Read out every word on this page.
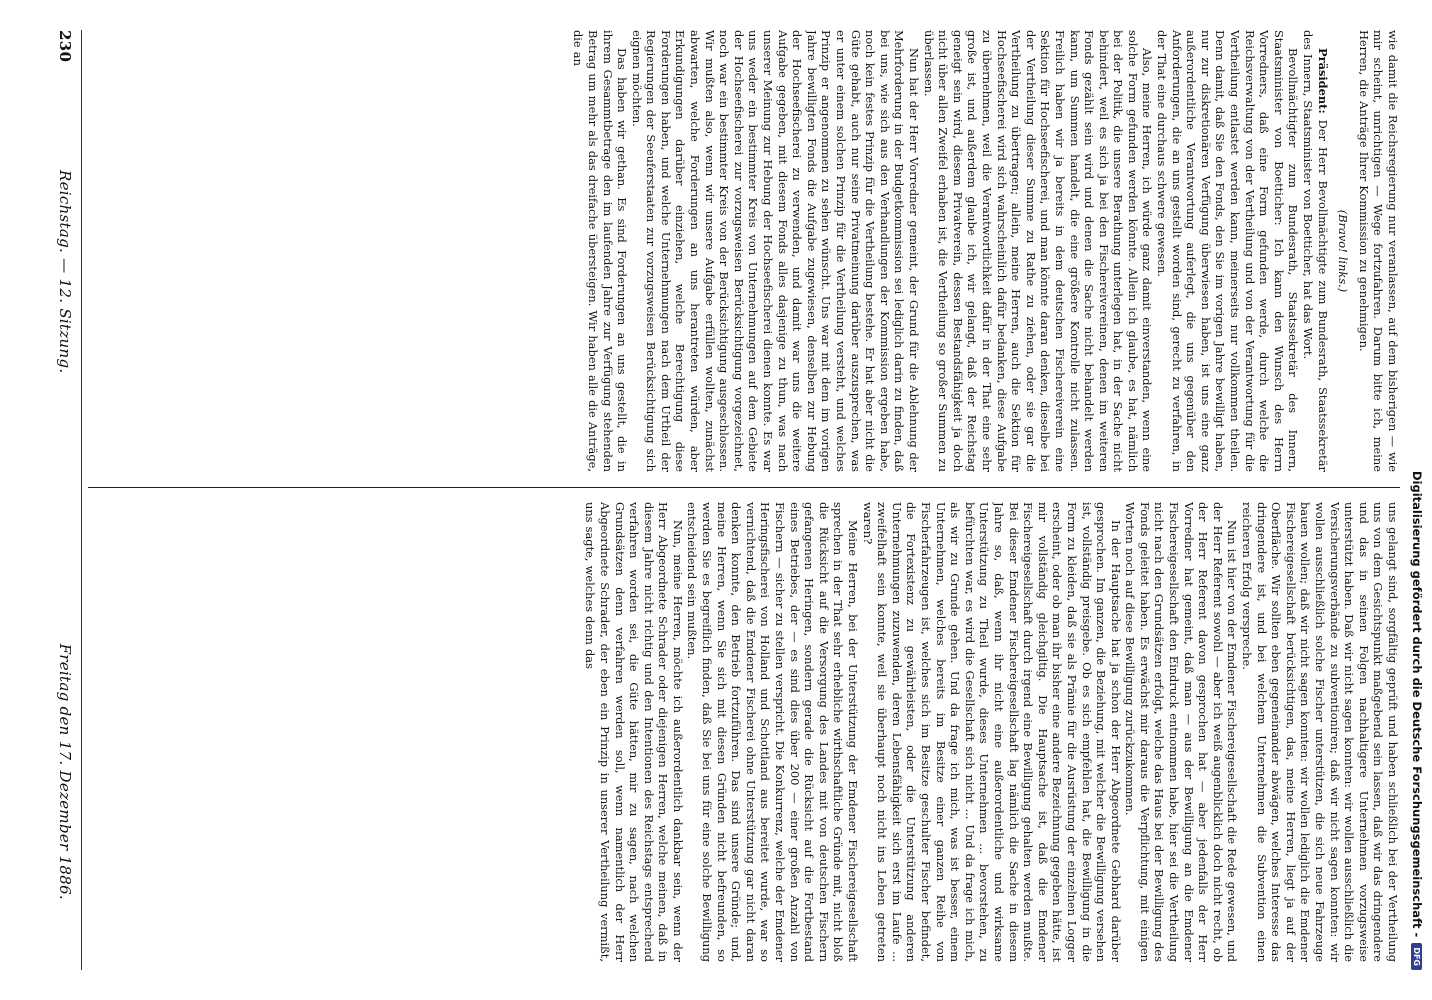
230
Reichstag. — 12. Sitzung.
Freitag den 17. Dezember 1886.

wie damit die Reichsregierung nur veranlassen, auf dem bisherigen — wie mir scheint, unrichtigen — Wege fortzufahren. Darum bitte ich, meine Herren, die Anträge Ihrer Kommission zu genehmigen.

(Bravo! links.)

Präsident: Der Herr Bevollmächtigte zum Bundesrath, Staatssekretär des Innern, Staatsminister von Boetticher, hat das Wort.

Bevollmächtigter zum Bundesrath, Staatssekretär des Innern, Staatsminister von Boetticher: Ich kann den Wunsch des Herrn Vorredners, daß eine Form gefunden werde, durch welche die Reichsverwaltung von der Vertheilung und von der Verantwortung für die Vertheilung entlastet werden kann, meinerseits nur vollkommen theilen. Denn damit, daß Sie den Fonds, den Sie im vorigen Jahre bewilligt haben, nur zur diskretionären Verfügung überwiesen haben, ist uns eine ganz außerordentliche Verantwortung auferlegt, die uns gegenüber den Anforderungen, die an uns gestellt worden sind, gerecht zu verfahren, in der That eine durchaus schwere gewesen.

Also, meine Herren, ich würde ganz damit einverstanden, wenn eine solche Form gefunden werden könnte. Allein ich glaube, es hat, nämlich bei der Politik, die unsere Berathung unterlegen hat, in der Sache nicht behindert, weil es sich ja bei den Fischereivereinen, denen im weiteren Fonds gezählt sein wird und denen die Sache nicht behandelt werden kann, um Summen handelt, die eine größere Kontrolle nicht zulassen. Freilich haben wir ja bereits in dem deutschen Fischereiverein eine Sektion für Hochseefischerei, und man könnte daran denken, dieselbe bei der Vertheilung dieser Summe zu Rathe zu ziehen, oder sie gar die Vertheilung zu übertragen; allein, meine Herren, auch die Sektion für Hochseefischerei wird sich wahrscheinlich dafür bedanken, diese Aufgabe zu übernehmen, weil die Verantwortlichkeit dafür in der That eine sehr große ist, und außerdem glaube ich, wir gelangt, daß der Reichstag geneigt sein wird, diesem Privatverein, dessen Bestandsfähigkeit ja doch nicht über allen Zweifel erhaben ist, die Vertheilung so großer Summen zu überlassen.

Nun hat der Herr Vorredner gemeint, der Grund für die Ablehnung der Mehrforderung in der Budgetkommission sei lediglich darin zu finden, daß bei uns, wie sich aus den Verhandlungen der Kommission ergeben habe, noch kein festes Prinzip für die Vertheilung bestehe. Er hat aber nicht die Güte gehabt, auch nur seine Privatmeinung darüber auszusprechen, was er unter einem solchen Prinzip für die Vertheilung versteht, und welches Prinzip er angenommen zu sehen wünscht. Uns war mit dem im vorigen Jahre bewilligten Fonds die Aufgabe zugewiesen, denselben zur Hebung der Hochseefischerei zu verwenden, und damit war uns die weitere Aufgabe gegeben, mit diesem Fonds alles dasjenige zu thun, was nach unserer Meinung zur Hebung der Hochseefischerei dienen konnte. Es war uns weder ein bestimmter Kreis von Unternehmungen auf dem Gebiete der Hochseefischerei zur vorzugsweisen Berücksichtigung vorgezeichnet, noch war ein bestimmter Kreis von der Berücksichtigung ausgeschlossen. Wir mußten also, wenn wir unsere Aufgabe erfüllen wollten, zunächst abwarten, welche Forderungen an uns herantreten würden, aber Erkundigungen darüber einziehen, welche Berechtigung diese Forderungen haben, und welche Unternehmungen nach dem Urtheil der Regierungen der Seeuferstaaten zur vorzugsweisen Berücksichtigung sich eignen möchten.

Das haben wir gethan. Es sind Forderungen an uns gestellt, die in ihrem Gesammtbetrage den im laufenden Jahre zur Verfügung stehenden Betrag um mehr als das dreifache übersteigen. Wir haben alle die Anträge, die an

uns gelangt sind, sorgfältig geprüft und haben schließlich bei der Vertheilung uns von dem Gesichtspunkt maßgebend sein lassen, daß wir das dringendere und das in seinen Folgen nachhaltigere Unternehmen vorzugsweise unterstützt haben. Daß wir nicht sagen konnten: wir wollen ausschließlich die Versicherungsverbände zu subventioniren; daß wir nicht sagen konnten: wir wollen ausschließlich solche Fischer unterstützen, die sich neue Fahrzeuge bauen wollen; daß wir nicht sagen konnten: wir wollen lediglich die Emdener Fischereigesellschaft berücksichtigen, das, meine Herren, liegt ja auf der Oberfläche. Wir sollten eben gegeneinander abwägen, welches Interesse das dringendere ist, und bei welchem Unternehmen die Subvention einen reicheren Erfolg verspreche.

Nun ist hier von der Emdener Fischereigesellschaft die Rede gewesen, und der Herr Referent sowohl — aber ich weiß augenblicklich doch nicht recht, ob der Herr Referent davon gesprochen hat — aber jedenfalls der Herr Vorredner hat gemeint, daß man — aus der Bewilligung an die Emdener Fischereigesellschaft den Eindruck entnommen habe, hier sei die Vertheilung nicht nach den Grundsätzen erfolgt, welche das Haus bei der Bewilligung des Fonds geleitet haben. Es erwächst mir daraus die Verpflichtung, mit einigen Worten noch auf diese Bewilligung zurückzukommen.

In der Hauptsache hat ja schon der Herr Abgeordnete Gebhard darüber gesprochen. Im ganzen, die Beziehung, mit welcher die Bewilligung versehen ist, vollständig preisgebe. Ob es sich empfehlen hat, die Bewilligung in die Form zu kleiden, daß sie als Prämie für die Ausrüstung der einzelnen Logger erscheint, oder ob man ihr bisher eine andere Bezeichnung gegeben hätte, ist mir vollständig gleichgiltig. Die Hauptsache ist, daß die Emdener Fischereigesellschaft durch irgend eine Bewilligung gehalten werden mußte. Bei dieser Emdener Fischereigesellschaft lag nämlich die Sache in diesem Jahre so, daß, wenn ihr nicht eine außerordentliche und wirksame Unterstützung zu Theil wurde, dieses Unternehmen ... bevorstehen, zu befürchten war, es wird die Gesellschaft sich nicht ... Und da frage ich mich, als wir zu Grunde gehen. Und da frage ich mich, was ist besser, einem Unternehmen, welches bereits im Besitze einer ganzen Reihe von Fischerfahrzeugen ist, welches sich im Besitze geschulter Fischer befindet, die Fortexistenz zu gewährleisten, oder die Unterstützung anderen Unternehmungen zuzuwenden, deren Lebensfähigkeit sich erst im Laufe ... zweifelhaft sein konnte, weil sie überhaupt noch nicht ins Leben getreten waren?

Meine Herren, bei der Unterstützung der Emdener Fischereigesellschaft sprechen in der That sehr erhebliche wirthschaftliche Gründe mit, nicht bloß die Rücksicht auf die Versorgung des Landes mit von deutschen Fischern gefangenen Heringen, sondern gerade die Rücksicht auf die Fortbestand eines Betriebes, der — es sind dies über 200 — einer großen Anzahl von Fischern — sicher zu stellen verspricht. Die Konkurrenz, welche der Emdener Heringsfischerei von Holland und Schottland aus bereitet wurde, war so vernichtend, daß die Emdener Fischerei ohne Unterstützung gar nicht daran denken konnte, den Betrieb fortzuführen. Das sind unsere Gründe; und, meine Herren, wenn Sie sich mit diesen Gründen nicht befreunden, so werden Sie es begreiflich finden, daß Sie bei uns für eine solche Bewilligung entscheidend sein mußten.

Nun, meine Herren, möchte ich außerordentlich dankbar sein, wenn der Herr Abgeordnete Schrader oder diejenigen Herren, welche meinen, daß in diesem Jahre nicht richtig und den Intentionen des Reichstags entsprechend verfahren worden sei, die Güte hätten, mir zu sagen, nach welchen Grundsätzen denn verfahren werden soll, wenn namentlich der Herr Abgeordnete Schrader, der eben ein Prinzip in unserer Vertheilung vermißt, uns sagte, welches denn das	Digitalisierung gefördert durch die Deutsche Forschungsgemeinschaft -
DFG
